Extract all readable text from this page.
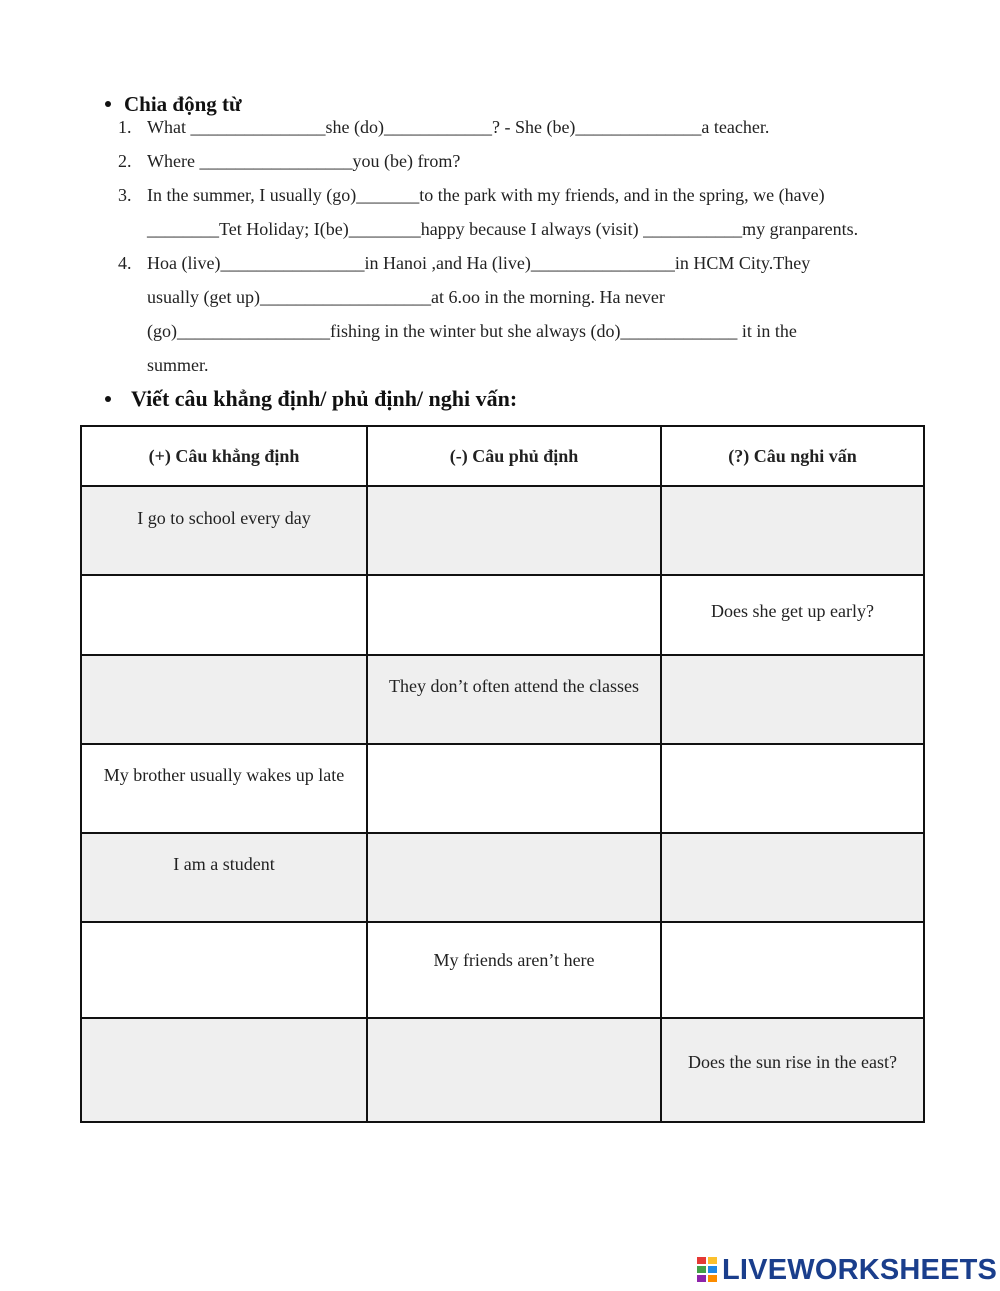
Chia động từ
1. What _______________she (do)____________? - She (be)______________a teacher.
2. Where _________________you (be) from?
3. In the summer, I usually (go)_______to the park with my friends, and in the spring, we (have)
________Tet Holiday; I(be)________happy because I always (visit) ___________my granparents.
4. Hoa (live)________________in Hanoi ,and Ha (live)________________in HCM City.They
usually (get up)___________________at 6.oo in the morning. Ha never
(go)_________________fishing in the winter but she always (do)_____________ it in the
summer.
Viết câu khẳng định/ phủ định/ nghi vấn:
(+) Câu khẳng định	(-) Câu phủ định	(?) Câu nghi vấn
I go to school every day		
		Does she get up early?
	They don’t often attend the classes	
My brother usually wakes up late		
I am a student		
	My friends aren’t here	
		Does the sun rise in the east?
LIVEWORKSHEETS
